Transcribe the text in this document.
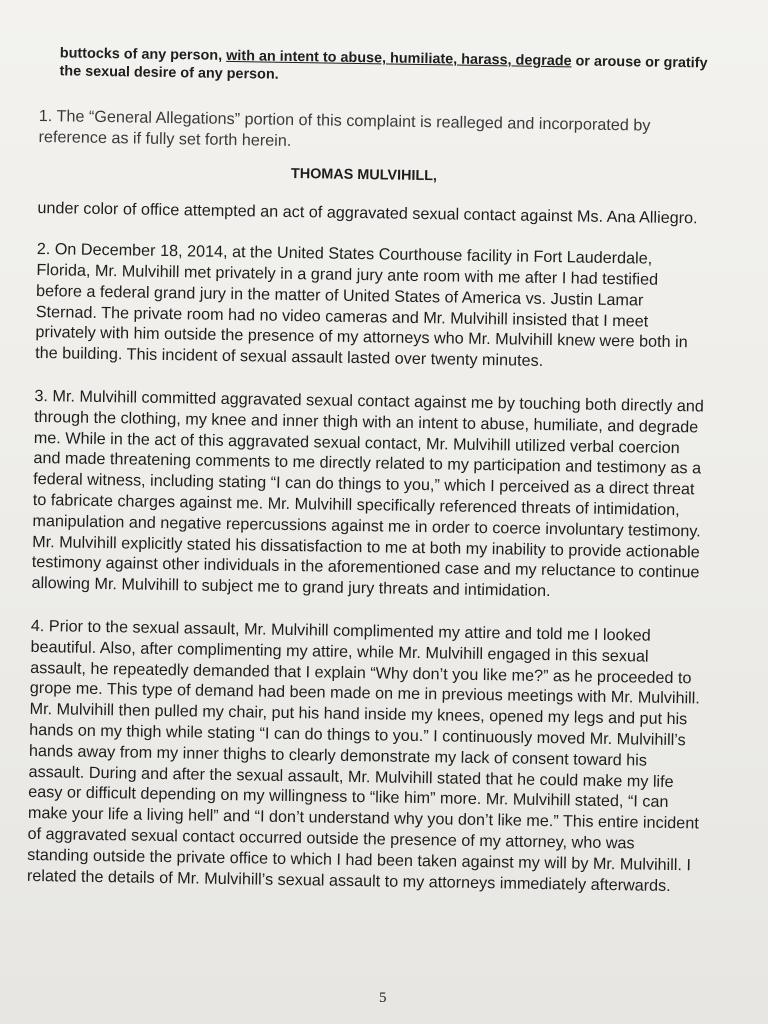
buttocks of any person, with an intent to abuse, humiliate, harass, degrade or arouse or gratify the sexual desire of any person.

1. The “General Allegations” portion of this complaint is realleged and incorporated by reference as if fully set forth herein.

THOMAS MULVIHILL,

under color of office attempted an act of aggravated sexual contact against Ms. Ana Alliegro.

2. On December 18, 2014, at the United States Courthouse facility in Fort Lauderdale, Florida, Mr. Mulvihill met privately in a grand jury ante room with me after I had testified before a federal grand jury in the matter of United States of America vs. Justin Lamar Sternad. The private room had no video cameras and Mr. Mulvihill insisted that I meet privately with him outside the presence of my attorneys who Mr. Mulvihill knew were both in the building. This incident of sexual assault lasted over twenty minutes.

3. Mr. Mulvihill committed aggravated sexual contact against me by touching both directly and through the clothing, my knee and inner thigh with an intent to abuse, humiliate, and degrade me. While in the act of this aggravated sexual contact, Mr. Mulvihill utilized verbal coercion and made threatening comments to me directly related to my participation and testimony as a federal witness, including stating “I can do things to you,” which I perceived as a direct threat to fabricate charges against me. Mr. Mulvihill specifically referenced threats of intimidation, manipulation and negative repercussions against me in order to coerce involuntary testimony. Mr. Mulvihill explicitly stated his dissatisfaction to me at both my inability to provide actionable testimony against other individuals in the aforementioned case and my reluctance to continue allowing Mr. Mulvihill to subject me to grand jury threats and intimidation.

4. Prior to the sexual assault, Mr. Mulvihill complimented my attire and told me I looked beautiful. Also, after complimenting my attire, while Mr. Mulvihill engaged in this sexual assault, he repeatedly demanded that I explain “Why don’t you like me?” as he proceeded to grope me. This type of demand had been made on me in previous meetings with Mr. Mulvihill. Mr. Mulvihill then pulled my chair, put his hand inside my knees, opened my legs and put his hands on my thigh while stating “I can do things to you.” I continuously moved Mr. Mulvihill’s hands away from my inner thighs to clearly demonstrate my lack of consent toward his assault. During and after the sexual assault, Mr. Mulvihill stated that he could make my life easy or difficult depending on my willingness to “like him” more. Mr. Mulvihill stated, “I can make your life a living hell” and “I don’t understand why you don’t like me.” This entire incident of aggravated sexual contact occurred outside the presence of my attorney, who was standing outside the private office to which I had been taken against my will by Mr. Mulvihill. I related the details of Mr. Mulvihill’s sexual assault to my attorneys immediately afterwards.

5
